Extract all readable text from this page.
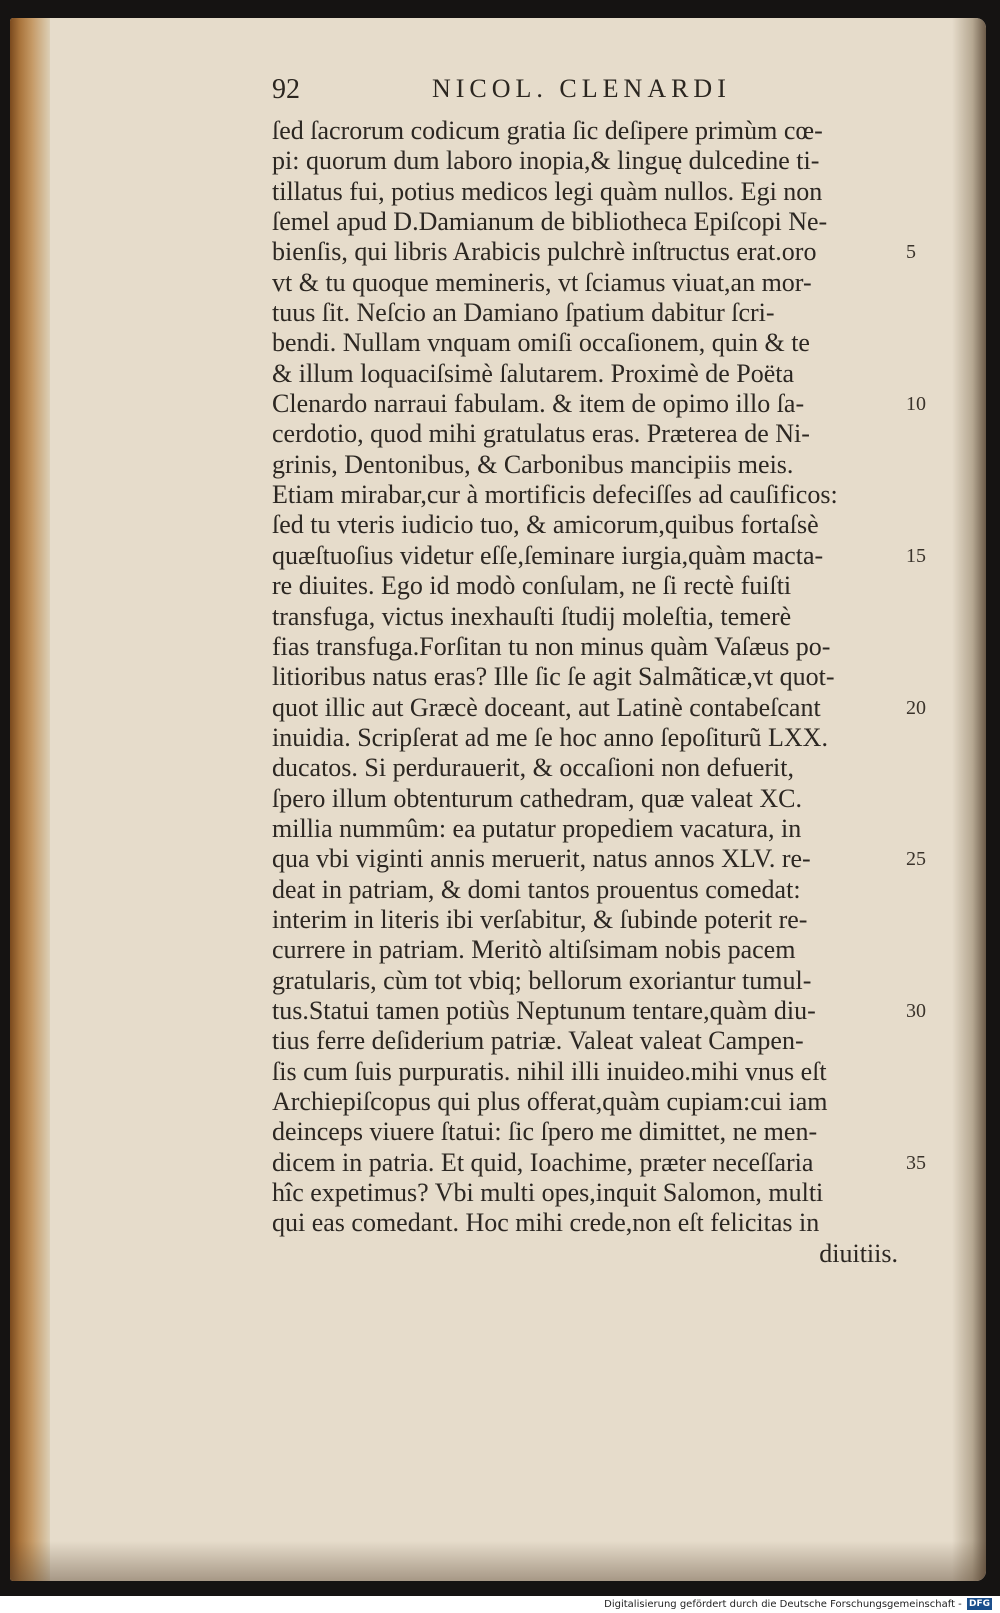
92	NICOL. CLENARDI
ſed ſacrorum codicum gratia ſic deſipere primùm cœ-
pi: quorum dum laboro inopia,& linguę dulcedine ti-
tillatus fui, potius medicos legi quàm nullos. Egi non
ſemel apud D.Damianum de bibliotheca Epiſcopi Ne-
bienſis, qui libris Arabicis pulchrè inſtructus erat.oro	5
vt & tu quoque memineris, vt ſciamus viuat,an mor-
tuus ſit. Neſcio an Damiano ſpatium dabitur ſcri-
bendi. Nullam vnquam omiſi occaſionem, quin & te
& illum loquaciſsimè ſalutarem. Proximè de Poëta
Clenardo narraui fabulam. & item de opimo illo ſa-	10
cerdotio, quod mihi gratulatus eras. Præterea de Ni-
grinis, Dentonibus, & Carbonibus mancipiis meis.
Etiam mirabar,cur à mortificis defeciſſes ad cauſificos:
ſed tu vteris iudicio tuo, & amicorum,quibus fortaſsè
quæſtuoſius videtur eſſe,ſeminare iurgia,quàm macta-	15
re diuites. Ego id modò conſulam, ne ſi rectè fuiſti
transfuga, victus inexhauſti ſtudij moleſtia, temerè
fias transfuga.Forſitan tu non minus quàm Vaſæus po-
litioribus natus eras? Ille ſic ſe agit Salmãticæ,vt quot-
quot illic aut Græcè doceant, aut Latinè contabeſcant	20
inuidia. Scripſerat ad me ſe hoc anno ſepoſiturũ LXX.
ducatos. Si perdurauerit, & occaſioni non defuerit,
ſpero illum obtenturum cathedram, quæ valeat XC.
millia nummûm: ea putatur propediem vacatura, in
qua vbi viginti annis meruerit, natus annos XLV. re-	25
deat in patriam, & domi tantos prouentus comedat:
interim in literis ibi verſabitur, & ſubinde poterit re-
currere in patriam. Meritò altiſsimam nobis pacem
gratularis, cùm tot vbiq; bellorum exoriantur tumul-
tus.Statui tamen potiùs Neptunum tentare,quàm diu-	30
tius ferre deſiderium patriæ. Valeat valeat Campen-
ſis cum ſuis purpuratis. nihil illi inuideo.mihi vnus eſt
Archiepiſcopus qui plus offerat,quàm cupiam:cui iam
deinceps viuere ſtatui: ſic ſpero me dimittet, ne men-
dicem in patria. Et quid, Ioachime, præter neceſſaria	35
hîc expetimus? Vbi multi opes,inquit Salomon, multi
qui eas comedant. Hoc mihi crede,non eſt felicitas in
diuitiis.
Digitalisierung gefördert durch die Deutsche Forschungsgemeinschaft - DFG
